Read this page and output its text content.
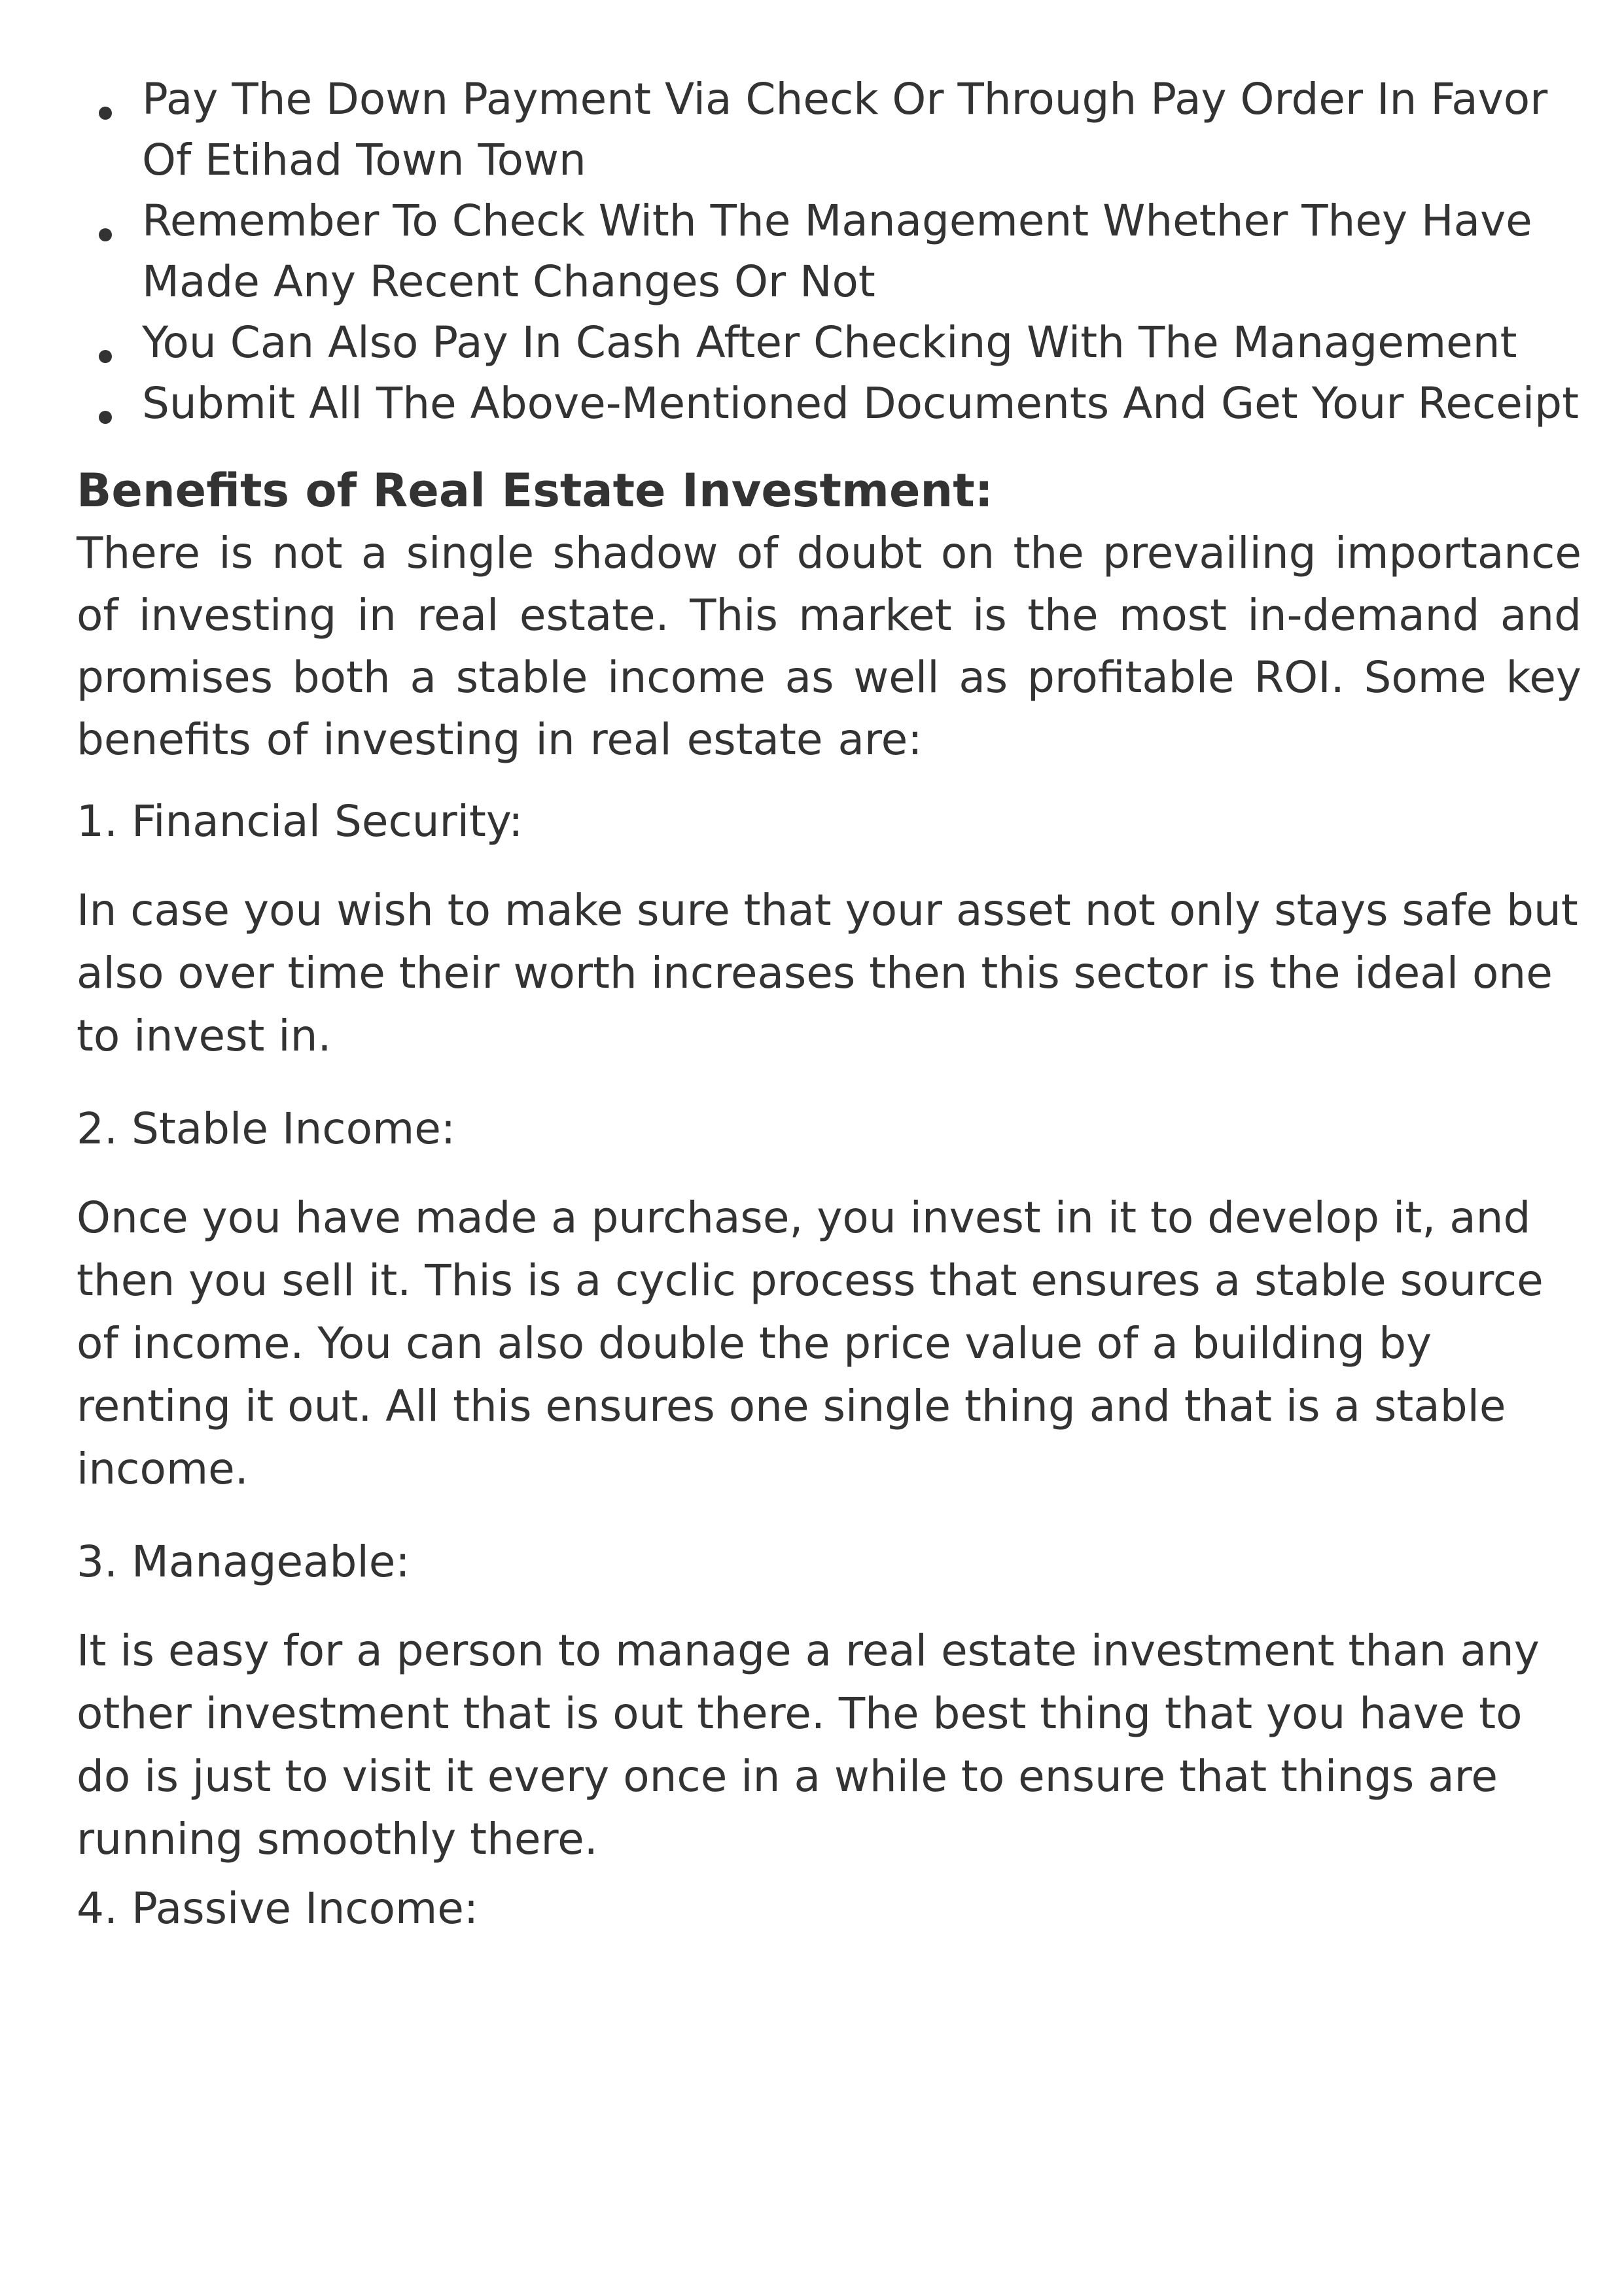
Pay The Down Payment Via Check Or Through Pay Order In Favor Of Etihad Town Town
Remember To Check With The Management Whether They Have Made Any Recent Changes Or Not
You Can Also Pay In Cash After Checking With The Management
Submit All The Above-Mentioned Documents And Get Your Receipt
Benefits of Real Estate Investment:

There is not a single shadow of doubt on the prevailing importance of investing in real estate. This market is the most in-demand and promises both a stable income as well as profitable ROI. Some key benefits of investing in real estate are:

1. Financial Security:

In case you wish to make sure that your asset not only stays safe but also over time their worth increases then this sector is the ideal one to invest in.

2. Stable Income:

Once you have made a purchase, you invest in it to develop it, and then you sell it. This is a cyclic process that ensures a stable source of income. You can also double the price value of a building by renting it out. All this ensures one single thing and that is a stable income.

3. Manageable:

It is easy for a person to manage a real estate investment than any other investment that is out there. The best thing that you have to do is just to visit it every once in a while to ensure that things are running smoothly there.

4. Passive Income:
